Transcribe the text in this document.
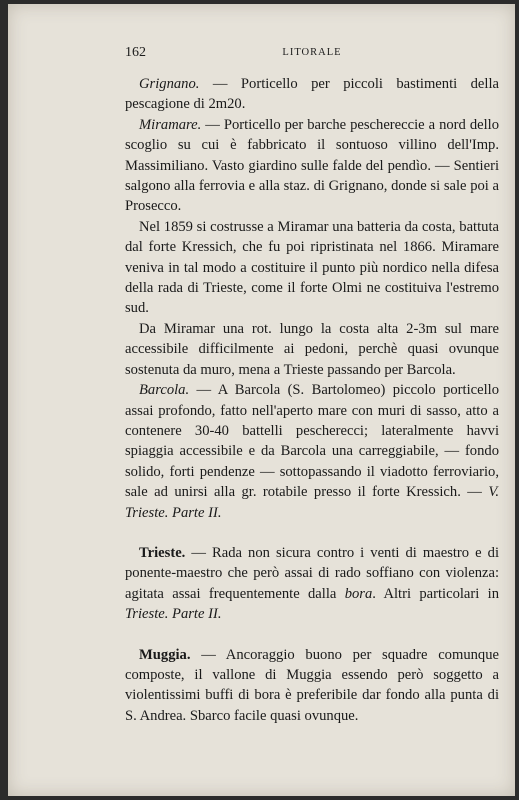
162	LITORALE

Grignano. — Porticello per piccoli bastimenti della pescagione di 2m20.

Miramare. — Porticello per barche peschereccie a nord dello scoglio su cui è fabbricato il sontuoso villino dell'Imp. Massimiliano. Vasto giardino sulle falde del pendìo. — Sentieri salgono alla ferrovia e alla staz. di Grignano, donde si sale poi a Prosecco.

Nel 1859 si costrusse a Miramar una batteria da costa, battuta dal forte Kressich, che fu poi ripristinata nel 1866. Miramare veniva in tal modo a costituire il punto più nordico nella difesa della rada di Trieste, come il forte Olmi ne costituiva l'estremo sud.

Da Miramar una rot. lungo la costa alta 2-3m sul mare accessibile difficilmente ai pedoni, perchè quasi ovunque sostenuta da muro, mena a Trieste passando per Barcola.

Barcola. — A Barcola (S. Bartolomeo) piccolo porticello assai profondo, fatto nell'aperto mare con muri di sasso, atto a contenere 30-40 battelli pescherecci; lateralmente havvi spiaggia accessibile e da Barcola una carreggiabile, — fondo solido, forti pendenze — sottopassando il viadotto ferroviario, sale ad unirsi alla gr. rotabile presso il forte Kressich. — V. Trieste. Parte II.

Trieste. — Rada non sicura contro i venti di maestro e di ponente-maestro che però assai di rado soffiano con violenza: agitata assai frequentemente dalla bora. Altri particolari in Trieste. Parte II.

Muggia. — Ancoraggio buono per squadre comunque composte, il vallone di Muggia essendo però soggetto a violentissimi buffi di bora è preferibile dar fondo alla punta di S. Andrea. Sbarco facile quasi ovunque.
